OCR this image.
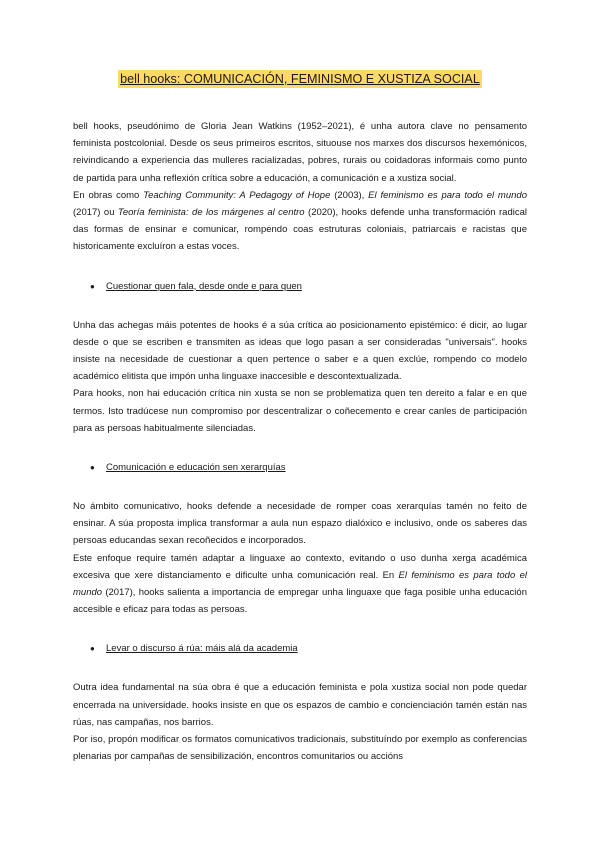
bell hooks: COMUNICACIÓN, FEMINISMO E XUSTIZA SOCIAL

bell hooks, pseudónimo de Gloria Jean Watkins (1952–2021), é unha autora clave no pensamento feminista postcolonial. Desde os seus primeiros escritos, situouse nos marxes dos discursos hexemónicos, reivindicando a experiencia das mulleres racializadas, pobres, rurais ou coidadoras informais como punto de partida para unha reflexión crítica sobre a educación, a comunicación e a xustiza social.

En obras como Teaching Community: A Pedagogy of Hope (2003), El feminismo es para todo el mundo (2017) ou Teoría feminista: de los márgenes al centro (2020), hooks defende unha transformación radical das formas de ensinar e comunicar, rompendo coas estruturas coloniais, patriarcais e racistas que historicamente excluíron a estas voces.

●	Cuestionar quen fala, desde onde e para quen

Unha das achegas máis potentes de hooks é a súa crítica ao posicionamento epistémico: é dicir, ao lugar desde o que se escriben e transmiten as ideas que logo pasan a ser consideradas "universais". hooks insiste na necesidade de cuestionar a quen pertence o saber e a quen exclúe, rompendo co modelo académico elitista que impón unha linguaxe inaccesible e descontextualizada.

Para hooks, non hai educación crítica nin xusta se non se problematiza quen ten dereito a falar e en que termos. Isto tradúcese nun compromiso por descentralizar o coñecemento e crear canles de participación para as persoas habitualmente silenciadas.

●	Comunicación e educación sen xerarquías

No ámbito comunicativo, hooks defende a necesidade de romper coas xerarquías tamén no feito de ensinar. A súa proposta implica transformar a aula nun espazo dialóxico e inclusivo, onde os saberes das persoas educandas sexan recoñecidos e incorporados.

Este enfoque require tamén adaptar a linguaxe ao contexto, evitando o uso dunha xerga académica excesiva que xere distanciamento e dificulte unha comunicación real. En El feminismo es para todo el mundo (2017), hooks salienta a importancia de empregar unha linguaxe que faga posible unha educación accesible e eficaz para todas as persoas.

●	Levar o discurso á rúa: máis alá da academia

Outra idea fundamental na súa obra é que a educación feminista e pola xustiza social non pode quedar encerrada na universidade. hooks insiste en que os espazos de cambio e concienciación tamén están nas rúas, nas campañas, nos barrios.

Por iso, propón modificar os formatos comunicativos tradicionais, substituíndo por exemplo as conferencias plenarias por campañas de sensibilización, encontros comunitarios ou accións
